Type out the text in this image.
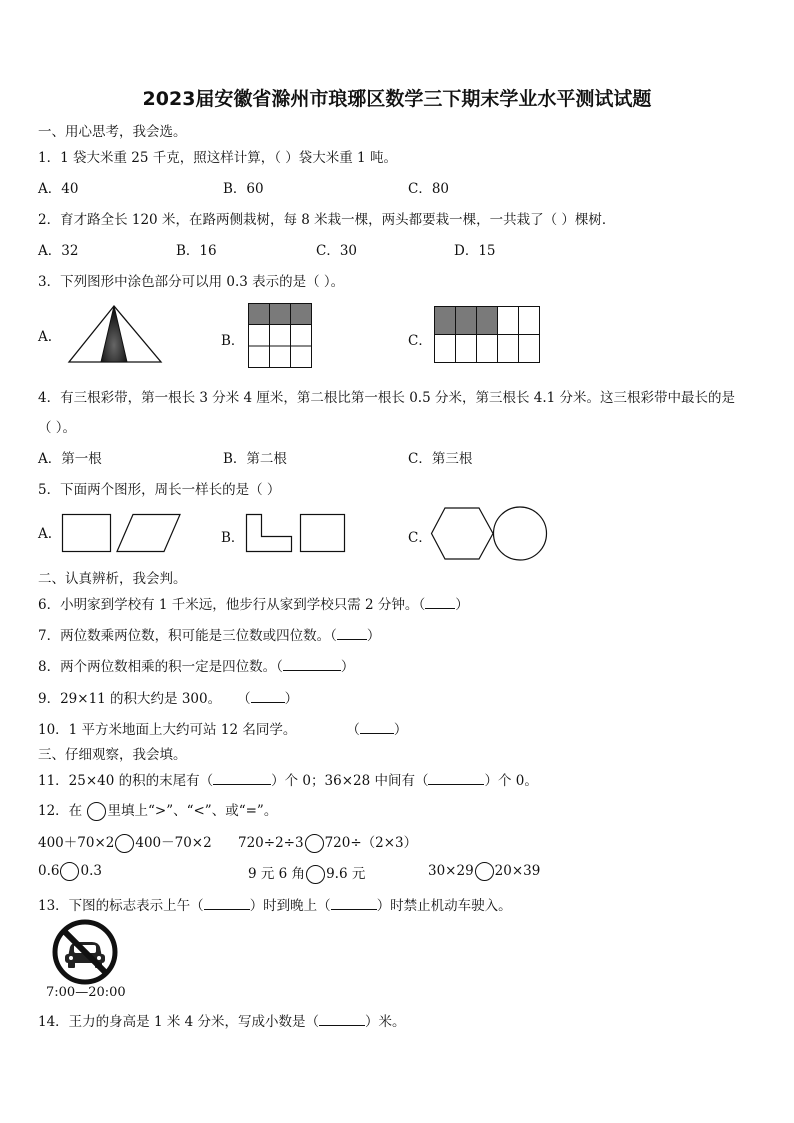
2023届安徽省滁州市琅琊区数学三下期末学业水平测试试题
一、用心思考，我会选。
1．1 袋大米重 25 千克，照这样计算，（ ）袋大米重 1 吨。
A．40	B．60	C．80
2．育才路全长 120 米，在路两侧栽树，每 8 米栽一棵，两头都要栽一棵，一共栽了（ ）棵树．
A．32	B．16	C．30	D．15
3．下列图形中涂色部分可以用 0.3 表示的是（ ）。
A.	B．	C．
4．有三根彩带，第一根长 3 分米 4 厘米，第二根比第一根长 0.5 分米，第三根长 4.1 分米。这三根彩带中最长的是
（ ）。
A．第一根	B．第二根	C．第三根
5．下面两个图形，周长一样长的是（ ）
A.	B．	C．
二、认真辨析，我会判。
6．小明家到学校有 1 千米远，他步行从家到学校只需 2 分钟。（ ）
7．两位数乘两位数，积可能是三位数或四位数。（ ）
8．两个两位数相乘的积一定是四位数。（	）
9．29×11 的积大约是 300。 （	）
10．1 平方米地面上大约可站 12 名同学。	（	）
三、仔细观察，我会填。
11．25×40 的积的末尾有（	）个 0；36×28 中间有（	）个 0。
12．在 里填上“>”、“<”、或“=”。
400＋70×2 400－70×2 720÷2÷3 720÷（2×3）
0.6 0.3	9 元 6 角 9.6 元	30×29 20×39
13．下图的标志表示上午（	）时到晚上（	）时禁止机动车驶入。
7:00—20:00
14．王力的身高是 1 米 4 分米，写成小数是（	）米。
